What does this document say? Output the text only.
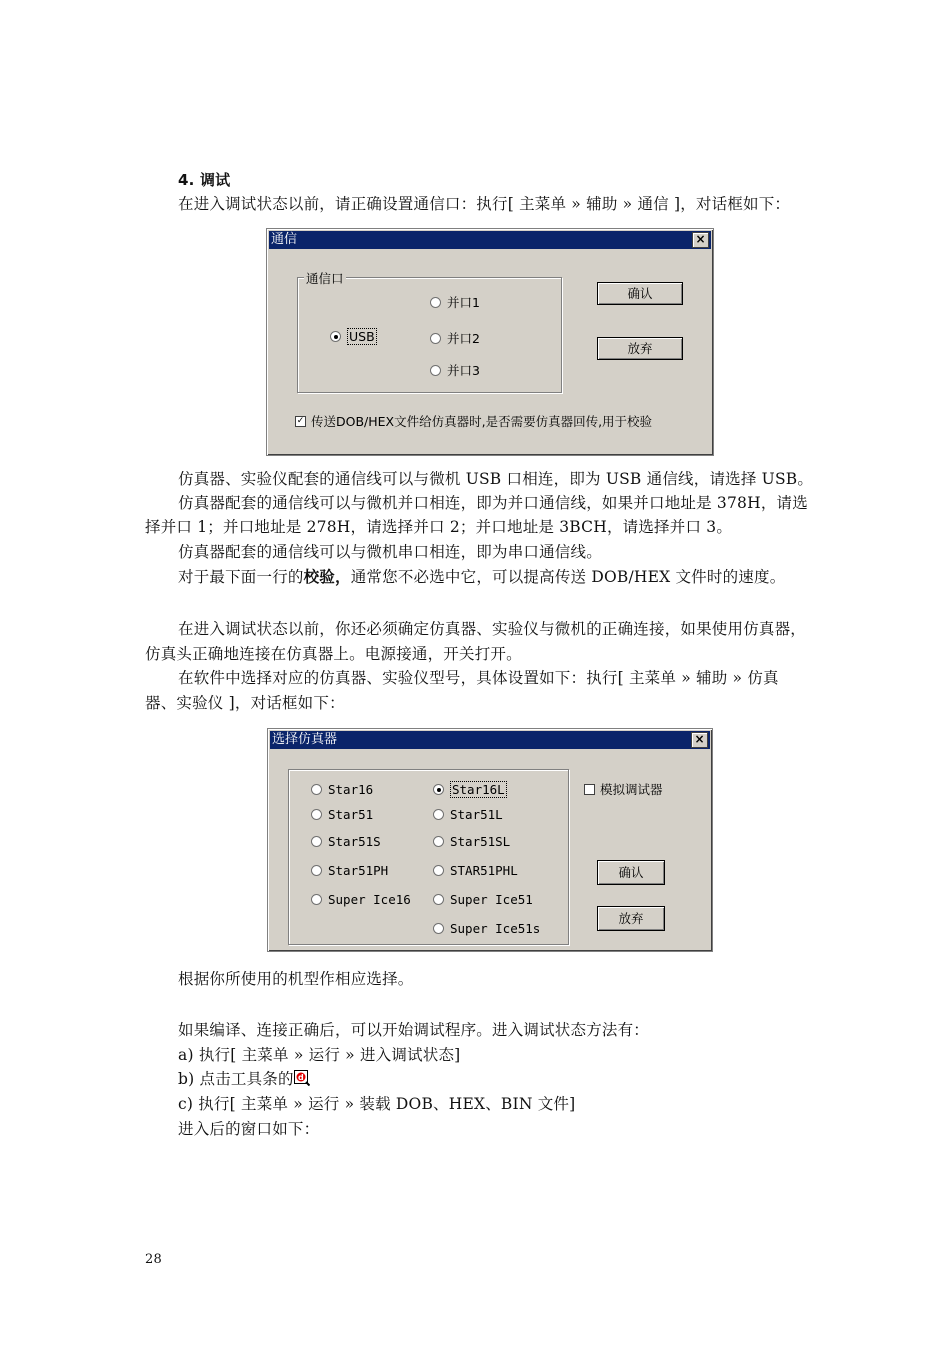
4. 调试
在进入调试状态以前，请正确设置通信口：执行[ 主菜单 » 辅助 » 通信 ]，对话框如下：
通信	×
通信口
并口1
USB	并口2
并口3
确认
放弃
✓ 传送DOB/HEX文件给仿真器时,是否需要仿真器回传,用于校验
仿真器、实验仪配套的通信线可以与微机 USB 口相连，即为 USB 通信线，请选择 USB。
仿真器配套的通信线可以与微机并口相连，即为并口通信线，如果并口地址是 378H，请选
择并口 1；并口地址是 278H，请选择并口 2；并口地址是 3BCH，请选择并口 3。
仿真器配套的通信线可以与微机串口相连，即为串口通信线。
对于最下面一行的校验，通常您不必选中它，可以提高传送 DOB/HEX 文件时的速度。
在进入调试状态以前，你还必须确定仿真器、实验仪与微机的正确连接，如果使用仿真器，
仿真头正确地连接在仿真器上。电源接通，开关打开。
在软件中选择对应的仿真器、实验仪型号，具体设置如下：执行[ 主菜单 » 辅助 » 仿真
器、实验仪 ]，对话框如下：
选择仿真器	×
Star16	Star16L
Star51	Star51L
Star51S	Star51SL
Star51PH	STAR51PHL
Super Ice16	Super Ice51
Super Ice51s
模拟调试器
确认
放弃
根据你所使用的机型作相应选择。
如果编译、连接正确后，可以开始调试程序。进入调试状态方法有：
a) 执行[ 主菜单 » 运行 » 进入调试状态]
b) 点击工具条的 d
c) 执行[ 主菜单 » 运行 » 装载 DOB、HEX、BIN 文件]
进入后的窗口如下：
28
